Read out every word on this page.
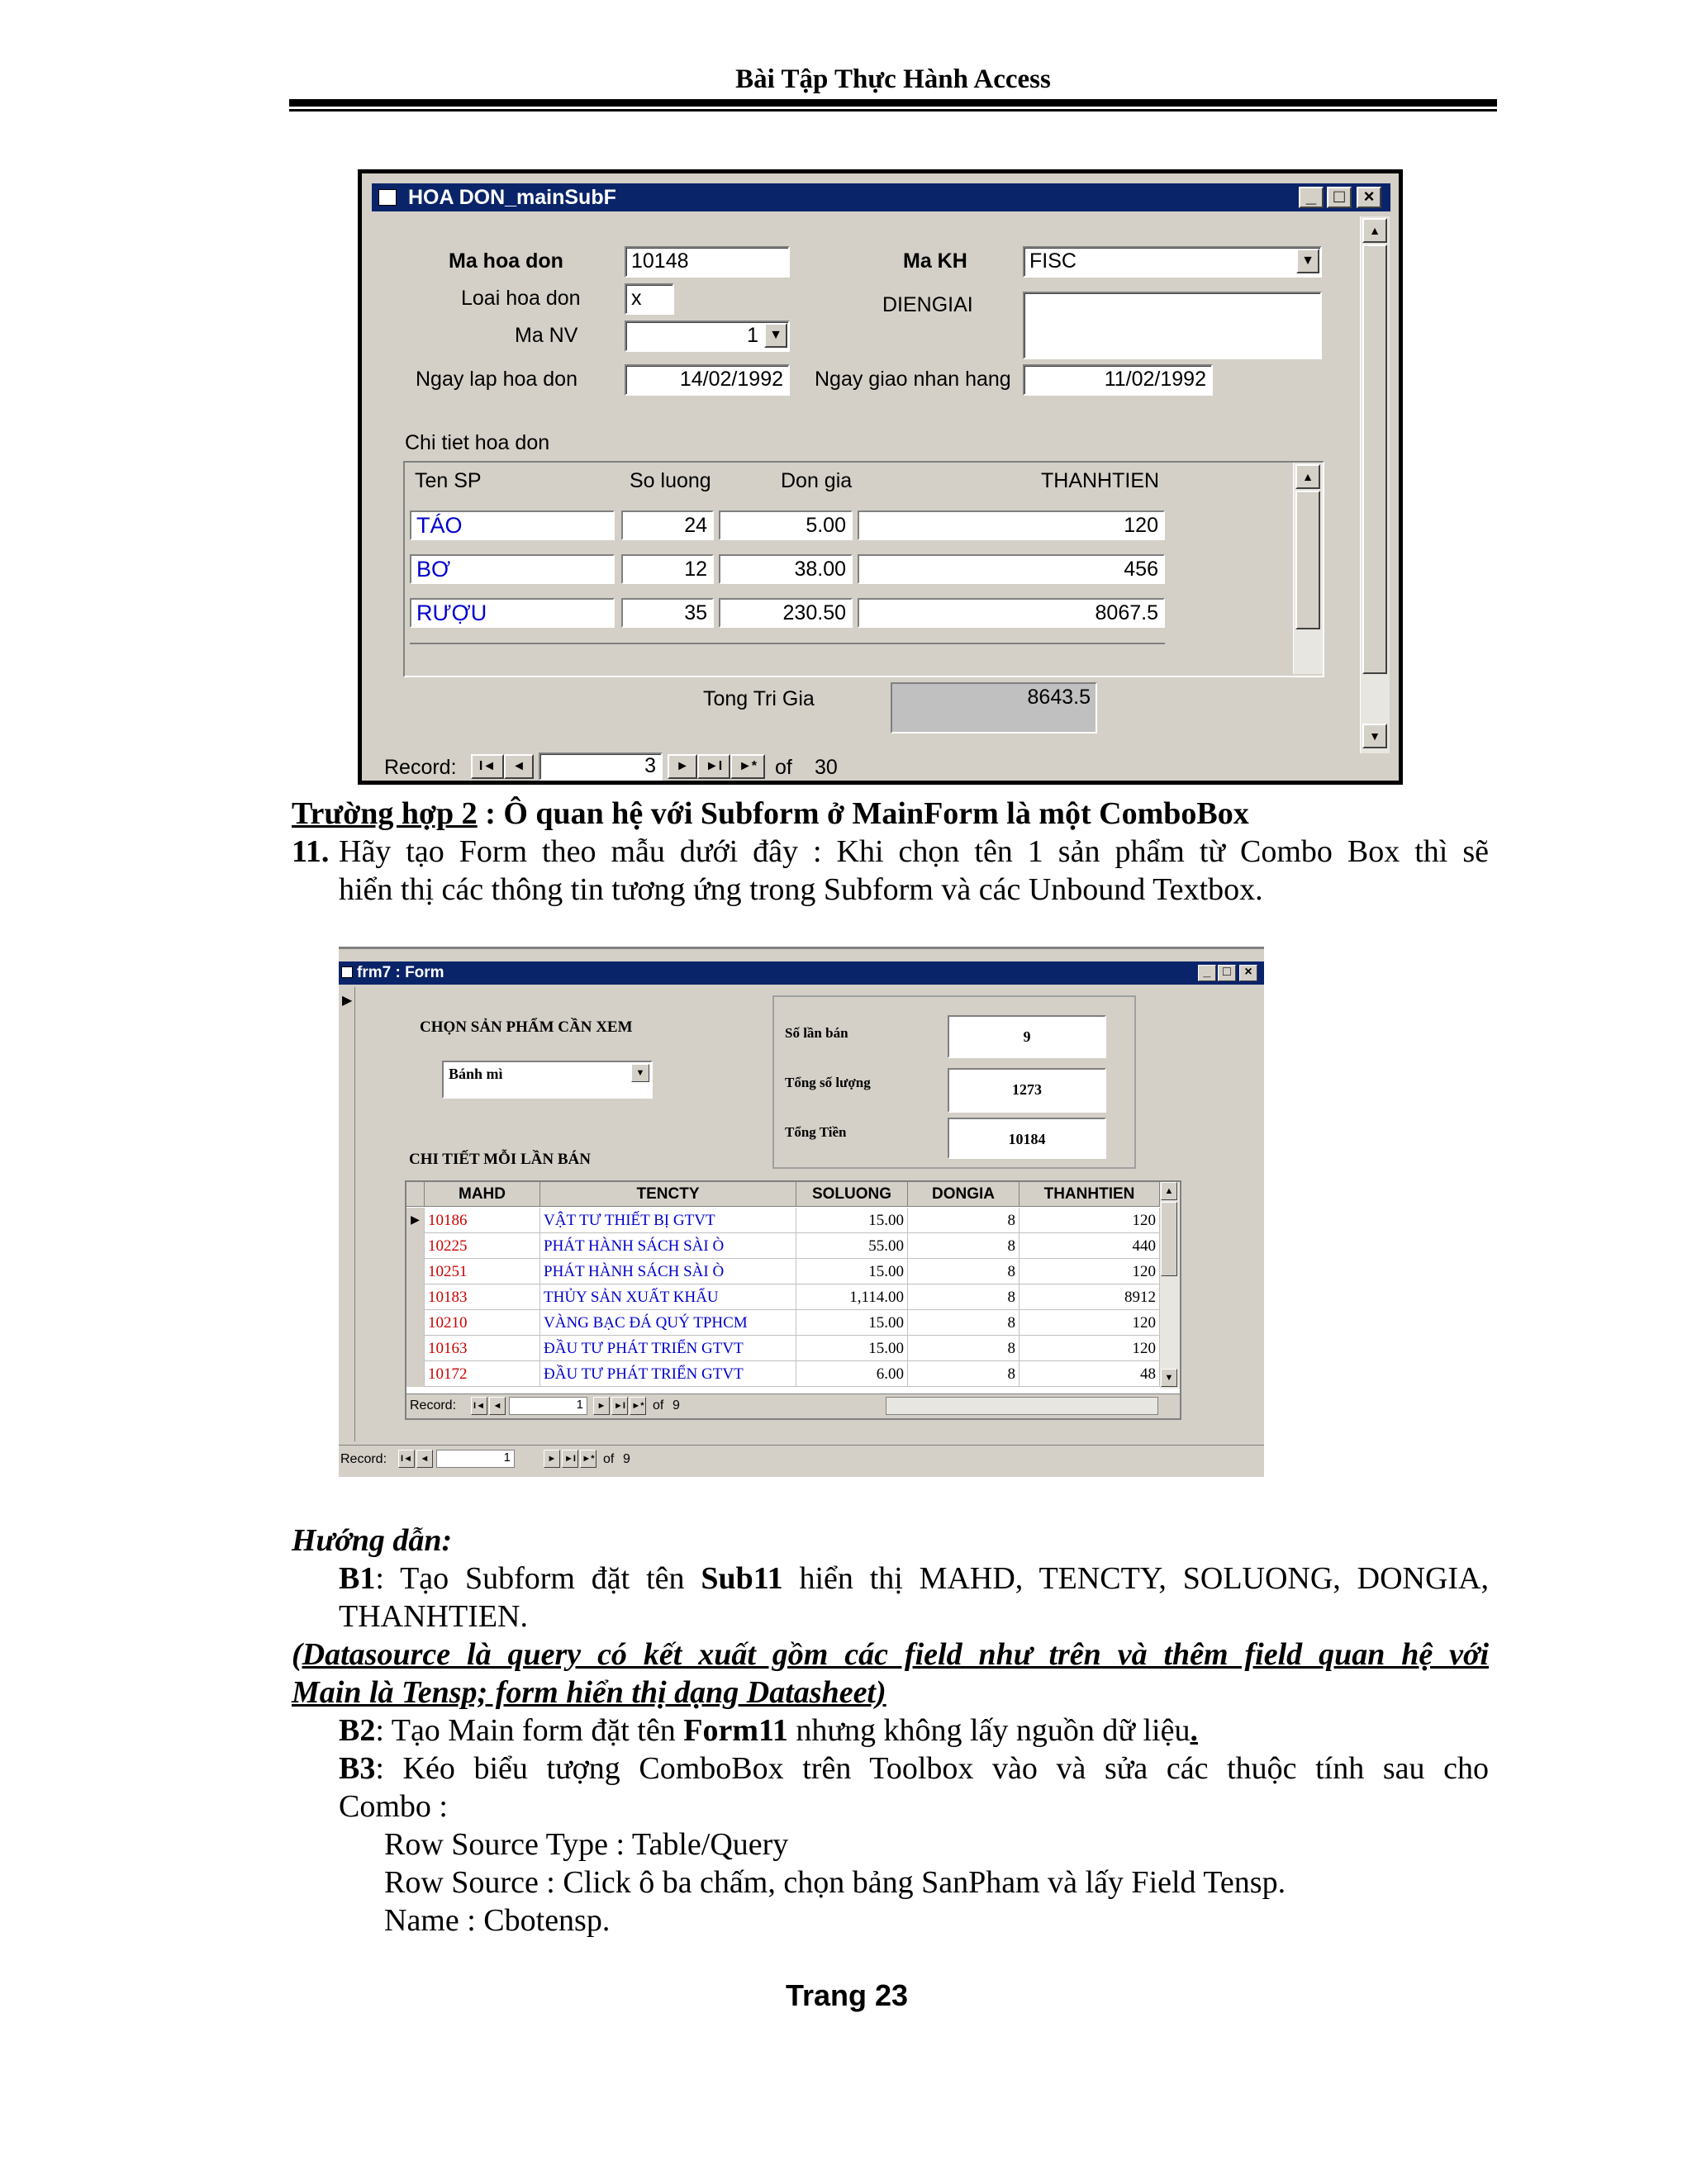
Bài Tập Thực Hành Access
HOA DON_mainSubF	_ □	×
Ma hoa don	10148
Loai hoa don	x
Ma NV	1 ▼
Ngay lap hoa don	14/02/1992
Ma KH	FISC	▼
DIENGIAI
Ngay giao nhan hang	11/02/1992
Chi tiet hoa don
Ten SP	So luong	Don gia	THANHTIEN
TÁO	24	5.00	120
BƠ	12	38.00	456
RƯỢU	35	230.50	8067.5
▲
Tong Tri Gia	8643.5
▲
▼
Record:	I◄	◄	3	►	►I	►* of 30
Trường hợp 2 : Ô quan hệ với Subform ở MainForm là một ComboBox
11. Hãy tạo Form theo mẫu dưới đây : Khi chọn tên 1 sản phẩm từ Combo Box thì sẽ
hiển thị các thông tin tương ứng trong Subform và các Unbound Textbox.
frm7 : Form	_ □	×
▶
CHỌN SẢN PHẨM CẦN XEM
Bánh mì	▼
Số lần bán	9
Tổng số lượng	1273
Tổng Tiền	10184
CHI TIẾT MỖI LẦN BÁN
MAHD	TENCTY	SOLUONG	DONGIA	THANHTIEN
▶ 10186	VẬT TƯ THIẾT BỊ GTVT	15.00	8	120
10225	PHÁT HÀNH SÁCH SÀI Ò	55.00	8	440
10251	PHÁT HÀNH SÁCH SÀI Ò	15.00	8	120
10183	THỦY SẢN XUẤT KHẨU	1,114.00	8	8912
10210	VÀNG BẠC ĐÁ QUÝ TPHCM	15.00	8	120
10163	ĐẦU TƯ PHÁT TRIỂN GTVT	15.00	8	120
10172	ĐẦU TƯ PHÁT TRIỂN GTVT	6.00	8	48
▲
▼
Record: I◄ ◄	1	► ►I ►* of 9
Record: I◄ ◄	1	► ►I ►* of 9
Hướng dẫn:
B1: Tạo Subform đặt tên Sub11 hiển thị MAHD, TENCTY, SOLUONG, DONGIA,
THANHTIEN.
(Datasource là query có kết xuất gồm các field như trên và thêm field quan hệ với
Main là Tensp; form hiển thị dạng Datasheet)
B2: Tạo Main form đặt tên Form11 nhưng không lấy nguồn dữ liệu.
B3: Kéo biểu tượng ComboBox trên Toolbox vào và sửa các thuộc tính sau cho
Combo :
Row Source Type : Table/Query
Row Source : Click ô ba chấm, chọn bảng SanPham và lấy Field Tensp.
Name : Cbotensp.
Trang 23
